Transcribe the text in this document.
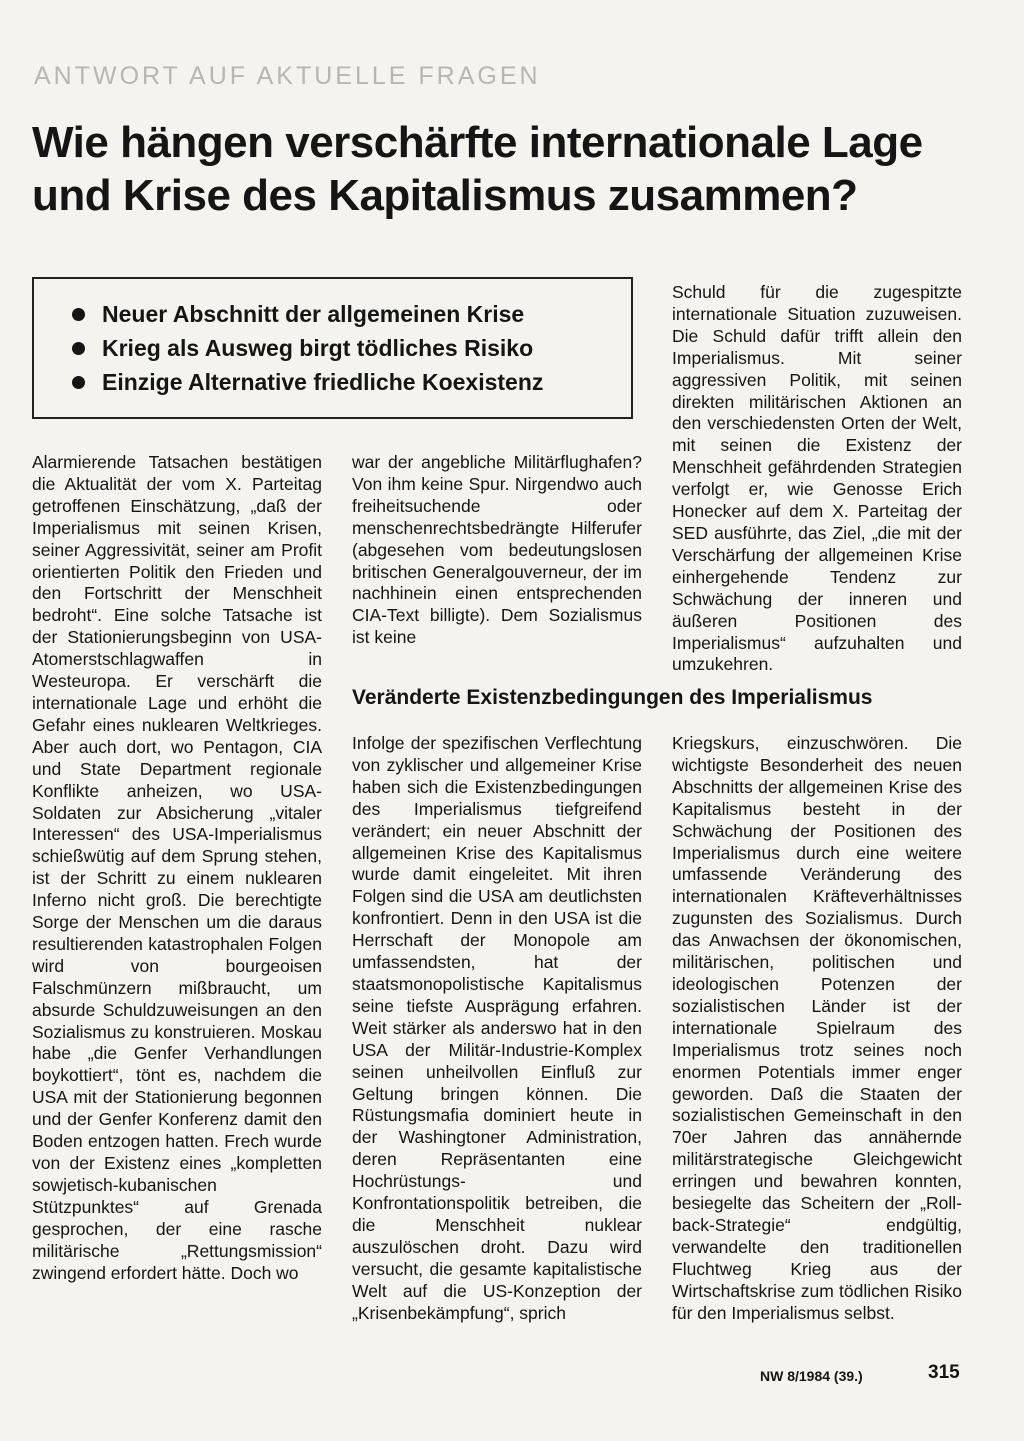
ANTWORT AUF AKTUELLE FRAGEN
Wie hängen verschärfte internationale Lage und Krise des Kapitalismus zusammen?
Neuer Abschnitt der allgemeinen Krise
Krieg als Ausweg birgt tödliches Risiko
Einzige Alternative friedliche Koexistenz

Schuld für die zugespitzte internationale Situation zuzuweisen. Die Schuld dafür trifft allein den Imperialismus. Mit seiner aggressiven Politik, mit seinen direkten militärischen Aktionen an den verschiedensten Orten der Welt, mit seinen die Existenz der Menschheit gefährdenden Strategien verfolgt er, wie Genosse Erich Honecker auf dem X. Parteitag der SED ausführte, das Ziel, „die mit der Verschärfung der allgemeinen Krise einhergehende Tendenz zur Schwächung der inneren und äußeren Positionen des Imperialismus“ aufzuhalten und umzukehren.

Alarmierende Tatsachen bestätigen die Aktualität der vom X. Parteitag getroffenen Einschätzung, „daß der Imperialismus mit seinen Krisen, seiner Aggressivität, seiner am Profit orientierten Politik den Frieden und den Fortschritt der Menschheit bedroht“. Eine solche Tatsache ist der Stationierungsbeginn von USA-Atomerstschlagwaffen in Westeuropa. Er verschärft die internationale Lage und erhöht die Gefahr eines nuklearen Weltkrieges. Aber auch dort, wo Pentagon, CIA und State Department regionale Konflikte anheizen, wo USA-Soldaten zur Absicherung „vitaler Interessen“ des USA-Imperialismus schießwütig auf dem Sprung stehen, ist der Schritt zu einem nuklearen Inferno nicht groß. Die berechtigte Sorge der Menschen um die daraus resultierenden katastrophalen Folgen wird von bourgeoisen Falschmünzern mißbraucht, um absurde Schuldzuweisungen an den Sozialismus zu konstruieren. Moskau habe „die Genfer Verhandlungen boykottiert“, tönt es, nachdem die USA mit der Stationierung begonnen und der Genfer Konferenz damit den Boden entzogen hatten. Frech wurde von der Existenz eines „kompletten sowjetisch-kubanischen Stützpunktes“ auf Grenada gesprochen, der eine rasche militärische „Rettungsmission“ zwingend erfordert hätte. Doch wo

war der angebliche Militärflughafen? Von ihm keine Spur. Nirgendwo auch freiheitsuchende oder menschenrechtsbedrängte Hilferufer (abgesehen vom bedeutungslosen britischen Generalgouverneur, der im nachhinein einen entsprechenden CIA-Text billigte). Dem Sozialismus ist keine

Veränderte Existenzbedingungen des Imperialismus

Infolge der spezifischen Verflechtung von zyklischer und allgemeiner Krise haben sich die Existenzbedingungen des Imperialismus tiefgreifend verändert; ein neuer Abschnitt der allgemeinen Krise des Kapitalismus wurde damit eingeleitet. Mit ihren Folgen sind die USA am deutlichsten konfrontiert. Denn in den USA ist die Herrschaft der Monopole am umfassendsten, hat der staatsmonopolistische Kapitalismus seine tiefste Ausprägung erfahren. Weit stärker als anderswo hat in den USA der Militär-Industrie-Komplex seinen unheilvollen Einfluß zur Geltung bringen können. Die Rüstungsmafia dominiert heute in der Washingtoner Administration, deren Repräsentanten eine Hochrüstungs- und Konfrontationspolitik betreiben, die die Menschheit nuklear auszulöschen droht. Dazu wird versucht, die gesamte kapitalistische Welt auf die US-Konzeption der „Krisenbekämpfung“, sprich

Kriegskurs, einzuschwören. Die wichtigste Besonderheit des neuen Abschnitts der allgemeinen Krise des Kapitalismus besteht in der Schwächung der Positionen des Imperialismus durch eine weitere umfassende Veränderung des internationalen Kräfteverhältnisses zugunsten des Sozialismus. Durch das Anwachsen der ökonomischen, militärischen, politischen und ideologischen Potenzen der sozialistischen Länder ist der internationale Spielraum des Imperialismus trotz seines noch enormen Potentials immer enger geworden. Daß die Staaten der sozialistischen Gemeinschaft in den 70er Jahren das annähernde militärstrategische Gleichgewicht erringen und bewahren konnten, besiegelte das Scheitern der „Roll-back-Strategie“ endgültig, verwandelte den traditionellen Fluchtweg Krieg aus der Wirtschaftskrise zum tödlichen Risiko für den Imperialismus selbst.

NW 8/1984 (39.)	315
